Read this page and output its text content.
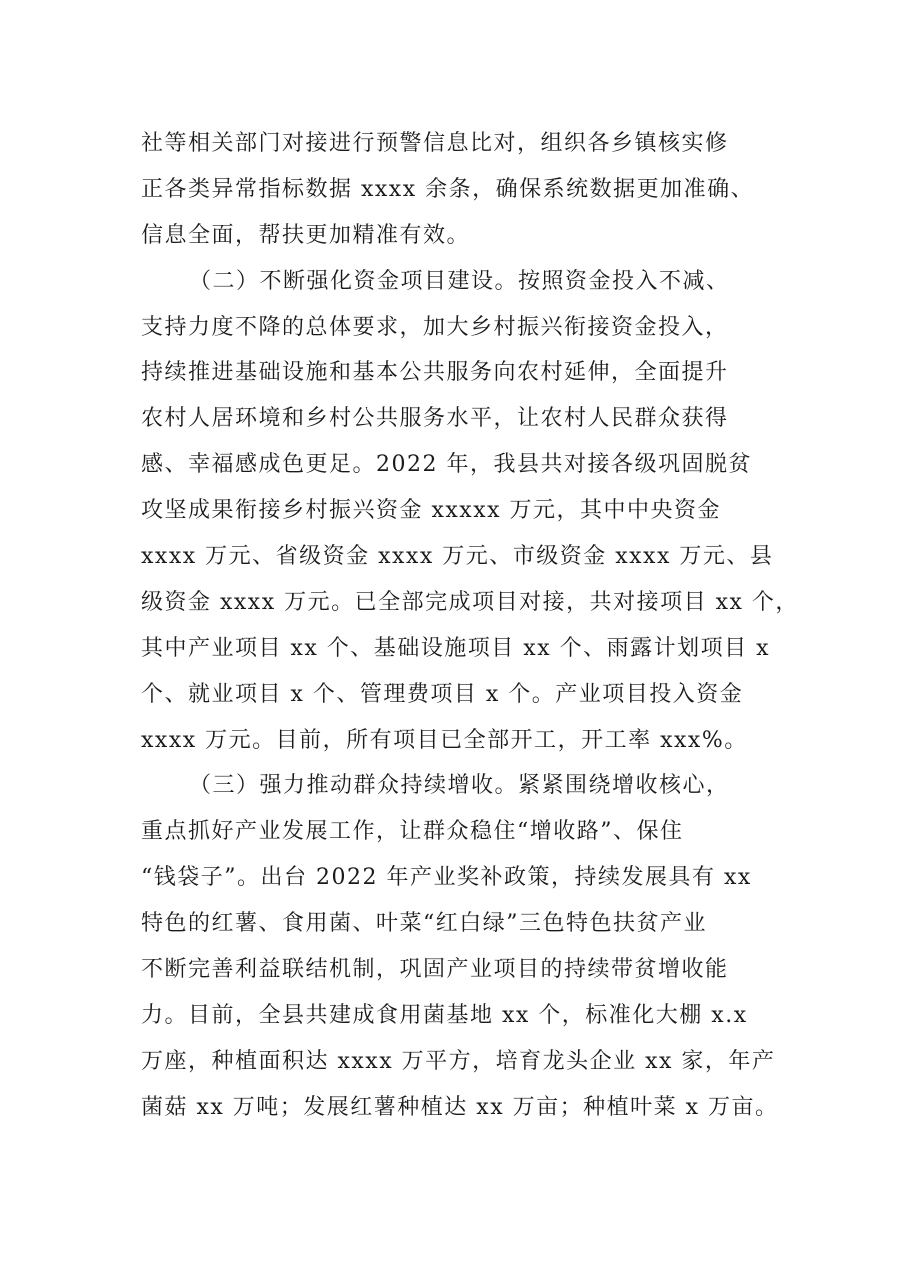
社等相关部门对接进行预警信息比对，组织各乡镇核实修
正各类异常指标数据 xxxx 余条，确保系统数据更加准确、
信息全面，帮扶更加精准有效。
（二）不断强化资金项目建设。按照资金投入不减、
支持力度不降的总体要求，加大乡村振兴衔接资金投入，
持续推进基础设施和基本公共服务向农村延伸，全面提升
农村人居环境和乡村公共服务水平，让农村人民群众获得
感、幸福感成色更足。2022 年，我县共对接各级巩固脱贫
攻坚成果衔接乡村振兴资金 xxxxx 万元，其中中央资金
xxxx 万元、省级资金 xxxx 万元、市级资金 xxxx 万元、县
级资金 xxxx 万元。已全部完成项目对接，共对接项目 xx 个，
其中产业项目 xx 个、基础设施项目 xx 个、雨露计划项目 x
个、就业项目 x 个、管理费项目 x 个。产业项目投入资金
xxxx 万元。目前，所有项目已全部开工，开工率 xxx%。
（三）强力推动群众持续增收。紧紧围绕增收核心，
重点抓好产业发展工作，让群众稳住“增收路”、保住
“钱袋子”。出台 2022 年产业奖补政策，持续发展具有 xx
特色的红薯、食用菌、叶菜“红白绿”三色特色扶贫产业
不断完善利益联结机制，巩固产业项目的持续带贫增收能
力。目前，全县共建成食用菌基地 xx 个，标准化大棚 x.x
万座，种植面积达 xxxx 万平方，培育龙头企业 xx 家，年产
菌菇 xx 万吨；发展红薯种植达 xx 万亩；种植叶菜 x 万亩。
